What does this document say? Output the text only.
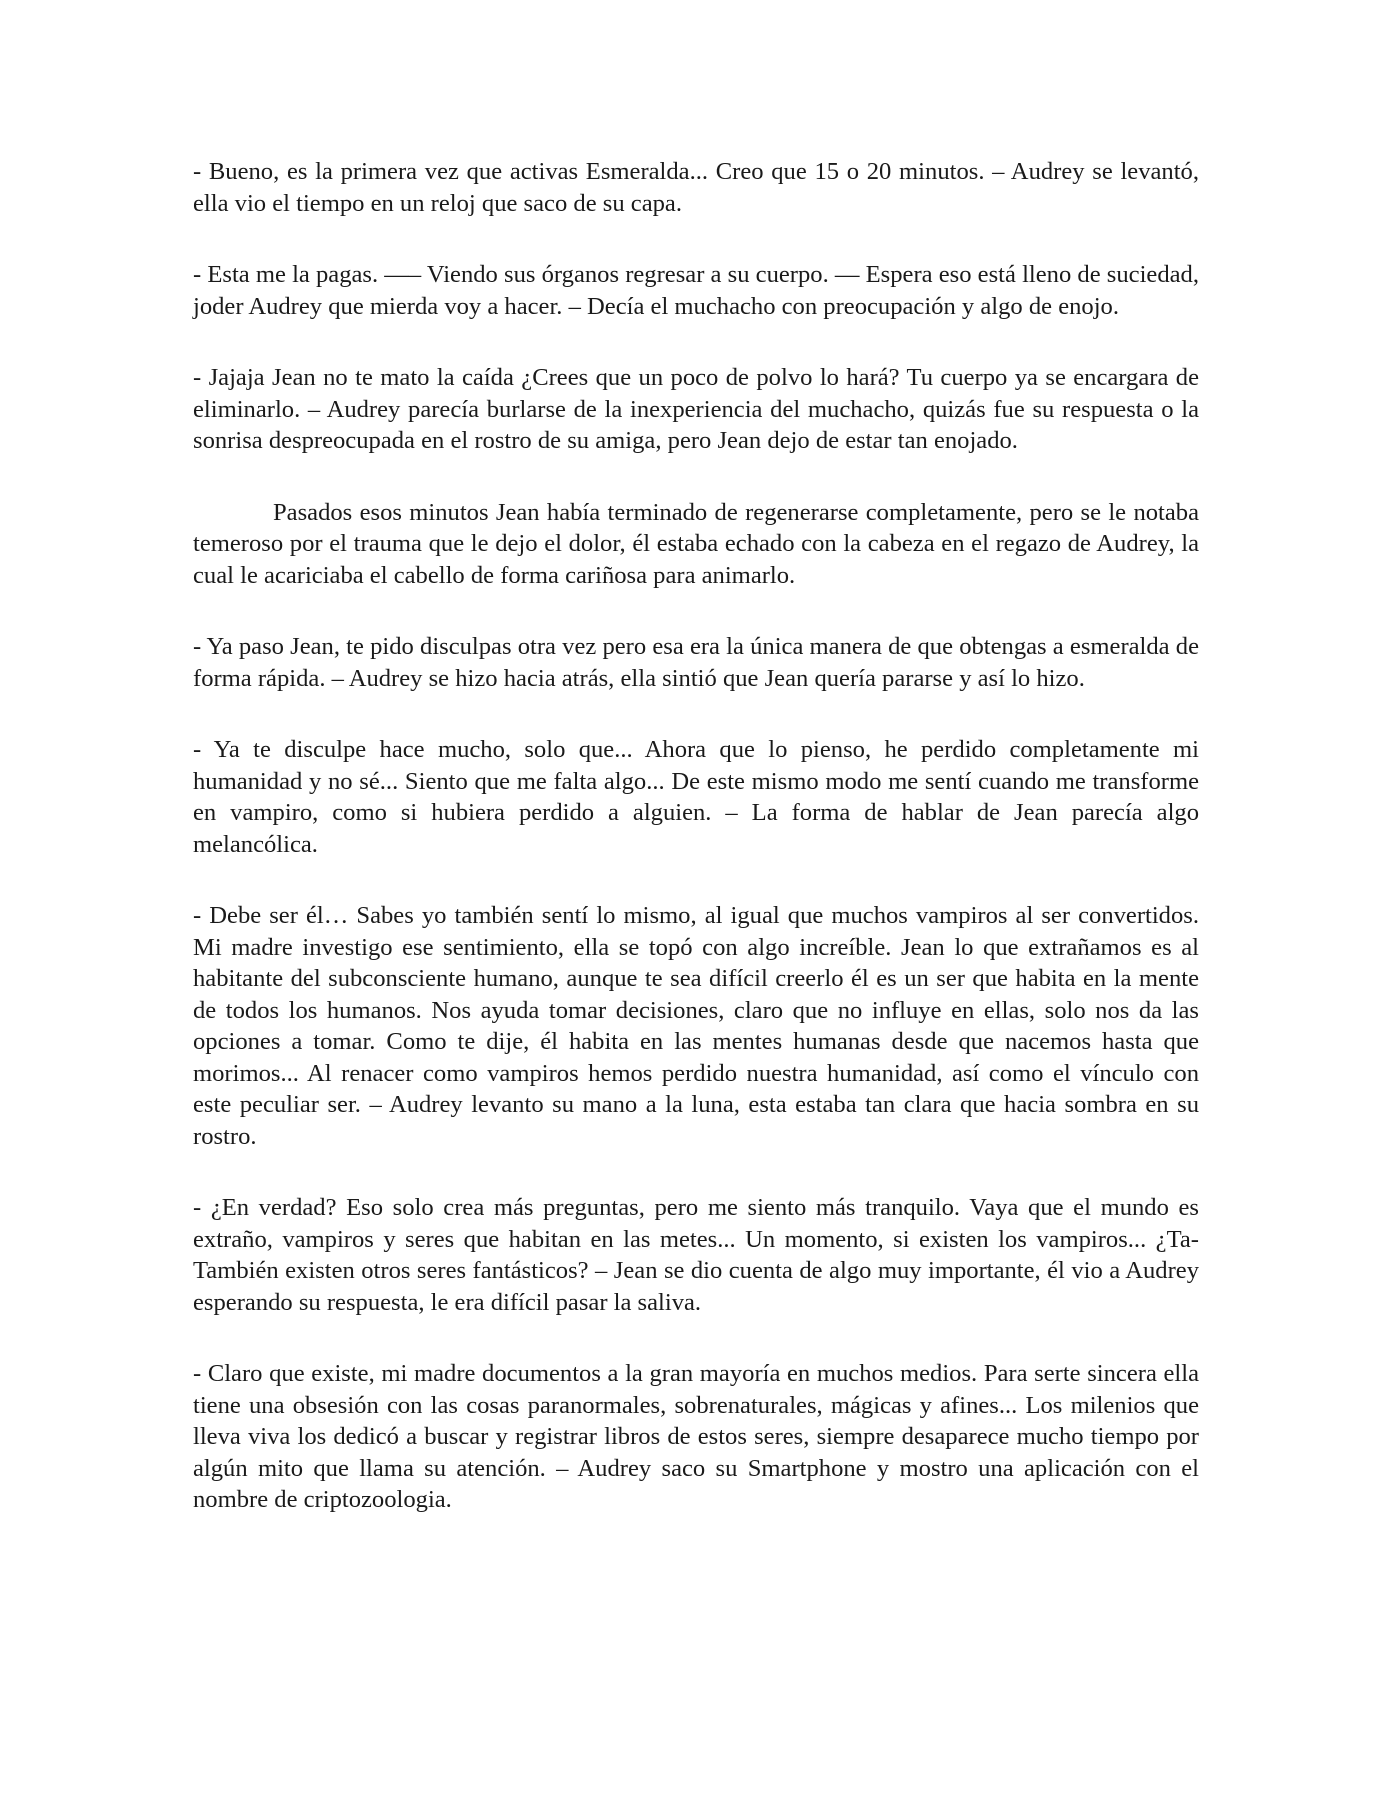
- Bueno, es la primera vez que activas Esmeralda... Creo que 15 o 20 minutos. – Audrey se levantó, ella vio el tiempo en un reloj que saco de su capa.

- Esta me la pagas. —– Viendo sus órganos regresar a su cuerpo. — Espera eso está lleno de suciedad, joder Audrey que mierda voy a hacer. – Decía el muchacho con preocupación y algo de enojo.

- Jajaja Jean no te mato la caída ¿Crees que un poco de polvo lo hará? Tu cuerpo ya se encargara de eliminarlo. – Audrey parecía burlarse de la inexperiencia del muchacho, quizás fue su respuesta o la sonrisa despreocupada en el rostro de su amiga, pero Jean dejo de estar tan enojado.

Pasados esos minutos Jean había terminado de regenerarse completamente, pero se le notaba temeroso por el trauma que le dejo el dolor, él estaba echado con la cabeza en el regazo de Audrey, la cual le acariciaba el cabello de forma cariñosa para animarlo.

- Ya paso Jean, te pido disculpas otra vez pero esa era la única manera de que obtengas a esmeralda de forma rápida. – Audrey se hizo hacia atrás, ella sintió que Jean quería pararse y así lo hizo.

- Ya te disculpe hace mucho, solo que... Ahora que lo pienso, he perdido completamente mi humanidad y no sé... Siento que me falta algo... De este mismo modo me sentí cuando me transforme en vampiro, como si hubiera perdido a alguien. – La forma de hablar de Jean parecía algo melancólica.

- Debe ser él… Sabes yo también sentí lo mismo, al igual que muchos vampiros al ser convertidos. Mi madre investigo ese sentimiento, ella se topó con algo increíble. Jean lo que extrañamos es al habitante del subconsciente humano, aunque te sea difícil creerlo él es un ser que habita en la mente de todos los humanos. Nos ayuda tomar decisiones, claro que no influye en ellas, solo nos da las opciones a tomar. Como te dije, él habita en las mentes humanas desde que nacemos hasta que morimos... Al renacer como vampiros hemos perdido nuestra humanidad, así como el vínculo con este peculiar ser. – Audrey levanto su mano a la luna, esta estaba tan clara que hacia sombra en su rostro.

- ¿En verdad? Eso solo crea más preguntas, pero me siento más tranquilo. Vaya que el mundo es extraño, vampiros y seres que habitan en las metes... Un momento, si existen los vampiros... ¿Ta-También existen otros seres fantásticos? – Jean se dio cuenta de algo muy importante, él vio a Audrey esperando su respuesta, le era difícil pasar la saliva.

- Claro que existe, mi madre documentos a la gran mayoría en muchos medios. Para serte sincera ella tiene una obsesión con las cosas paranormales, sobrenaturales, mágicas y afines... Los milenios que lleva viva los dedicó a buscar y registrar libros de estos seres, siempre desaparece mucho tiempo por algún mito que llama su atención. – Audrey saco su Smartphone y mostro una aplicación con el nombre de criptozoologia.
